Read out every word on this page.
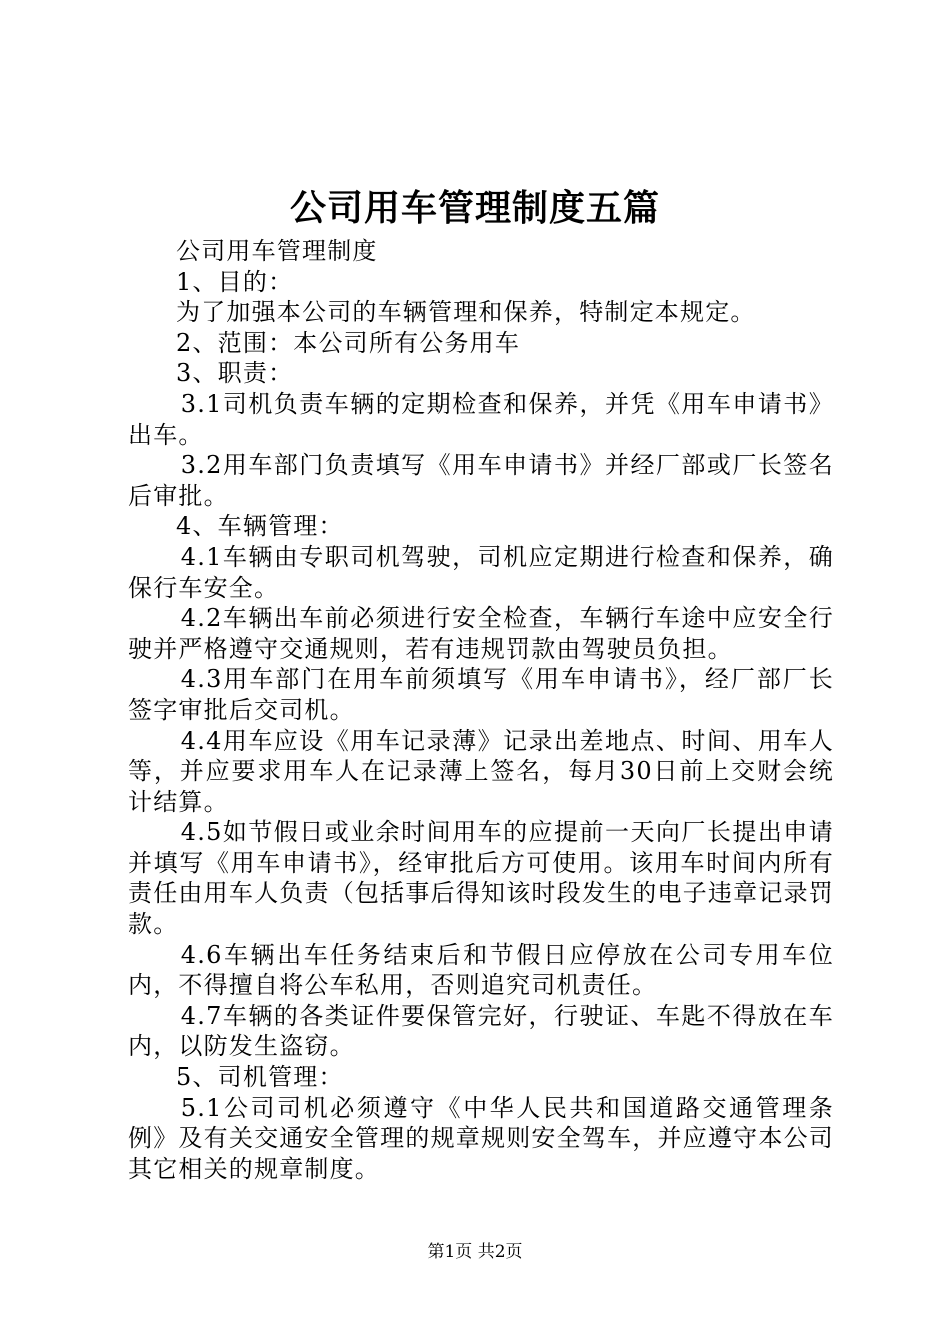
公司用车管理制度五篇

公司用车管理制度

1、目的：

为了加强本公司的车辆管理和保养，特制定本规定。

2、范围：本公司所有公务用车

3、职责：

3.1司机负责车辆的定期检查和保养，并凭《用车申请书》出车。

3.2用车部门负责填写《用车申请书》并经厂部或厂长签名后审批。

4、车辆管理：

4.1车辆由专职司机驾驶，司机应定期进行检查和保养，确保行车安全。

4.2车辆出车前必须进行安全检查，车辆行车途中应安全行驶并严格遵守交通规则，若有违规罚款由驾驶员负担。

4.3用车部门在用车前须填写《用车申请书》，经厂部厂长签字审批后交司机。

4.4用车应设《用车记录薄》记录出差地点、时间、用车人等，并应要求用车人在记录薄上签名，每月30日前上交财会统计结算。

4.5如节假日或业余时间用车的应提前一天向厂长提出申请并填写《用车申请书》，经审批后方可使用。该用车时间内所有责任由用车人负责（包括事后得知该时段发生的电子违章记录罚款。

4.6车辆出车任务结束后和节假日应停放在公司专用车位内，不得擅自将公车私用，否则追究司机责任。

4.7车辆的各类证件要保管完好，行驶证、车匙不得放在车内，以防发生盗窃。

5、司机管理：

5.1公司司机必须遵守《中华人民共和国道路交通管理条例》及有关交通安全管理的规章规则安全驾车，并应遵守本公司其它相关的规章制度。

第1页 共2页
